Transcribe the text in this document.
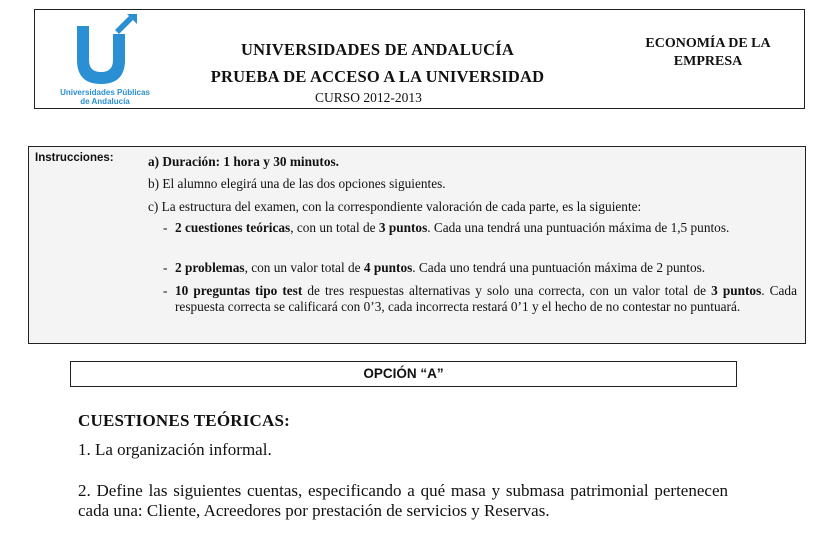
Universidades Públicas
de Andalucía
UNIVERSIDADES DE ANDALUCÍA
PRUEBA DE ACCESO A LA UNIVERSIDAD
CURSO 2012-2013
ECONOMÍA DE LA EMPRESA
Instrucciones:	a) Duración: 1 hora y 30 minutos.
b) El alumno elegirá una de las dos opciones siguientes.
c) La estructura del examen, con la correspondiente valoración de cada parte, es la siguiente:
- 2 cuestiones teóricas, con un total de 3 puntos. Cada una tendrá una puntuación máxima de 1,5 puntos.
- 2 problemas, con un valor total de 4 puntos. Cada uno tendrá una puntuación máxima de 2 puntos.
- 10 preguntas tipo test de tres respuestas alternativas y solo una correcta, con un valor total de 3 puntos. Cada respuesta correcta se calificará con 0’3, cada incorrecta restará 0’1 y el hecho de no contestar no puntuará.
OPCIÓN “A”
CUESTIONES TEÓRICAS:
1. La organización informal.
2. Define las siguientes cuentas, especificando a qué masa y submasa patrimonial pertenecen cada una: Cliente, Acreedores por prestación de servicios y Reservas.
